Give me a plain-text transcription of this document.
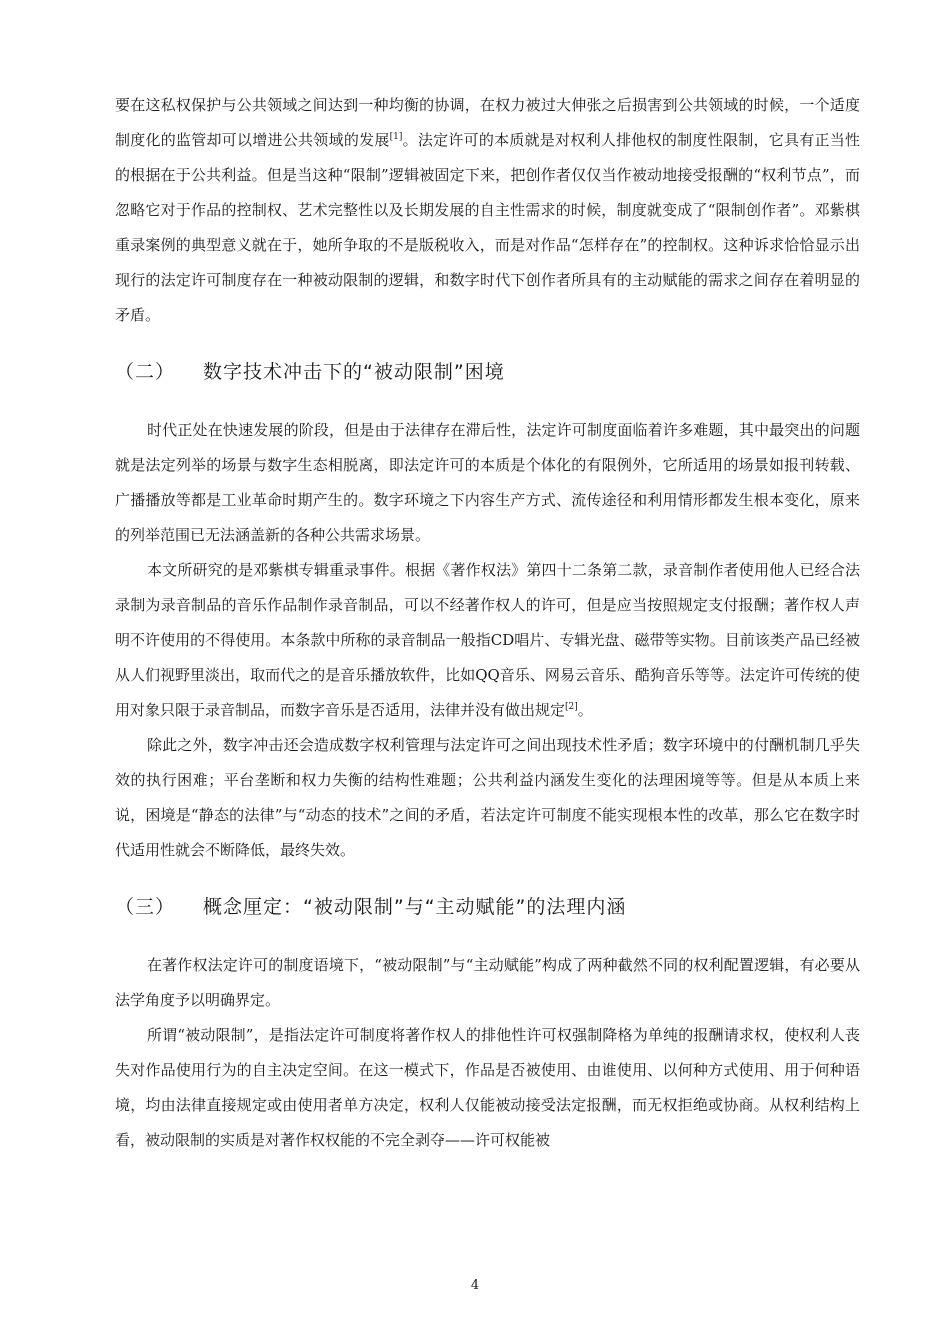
要在这私权保护与公共领域之间达到一种均衡的协调，在权力被过大伸张之后损害到公共领域的时候，一个适度制度化的监管却可以增进公共领域的发展[1]。法定许可的本质就是对权利人排他权的制度性限制，它具有正当性的根据在于公共利益。但是当这种“限制”逻辑被固定下来，把创作者仅仅当作被动地接受报酬的“权利节点”，而忽略它对于作品的控制权、艺术完整性以及长期发展的自主性需求的时候，制度就变成了“限制创作者”。邓紫棋重录案例的典型意义就在于，她所争取的不是版税收入，而是对作品“怎样存在”的控制权。这种诉求恰恰显示出现行的法定许可制度存在一种被动限制的逻辑，和数字时代下创作者所具有的主动赋能的需求之间存在着明显的矛盾。

（二） 数字技术冲击下的“被动限制”困境

时代正处在快速发展的阶段，但是由于法律存在滞后性，法定许可制度面临着许多难题，其中最突出的问题就是法定列举的场景与数字生态相脱离，即法定许可的本质是个体化的有限例外，它所适用的场景如报刊转载、广播播放等都是工业革命时期产生的。数字环境之下内容生产方式、流传途径和利用情形都发生根本变化，原来的列举范围已无法涵盖新的各种公共需求场景。

本文所研究的是邓紫棋专辑重录事件。根据《著作权法》第四十二条第二款，录音制作者使用他人已经合法录制为录音制品的音乐作品制作录音制品，可以不经著作权人的许可，但是应当按照规定支付报酬；著作权人声明不许使用的不得使用。本条款中所称的录音制品一般指CD唱片、专辑光盘、磁带等实物。目前该类产品已经被从人们视野里淡出，取而代之的是音乐播放软件，比如QQ音乐、网易云音乐、酷狗音乐等等。法定许可传统的使用对象只限于录音制品，而数字音乐是否适用，法律并没有做出规定[2]。

除此之外，数字冲击还会造成数字权利管理与法定许可之间出现技术性矛盾；数字环境中的付酬机制几乎失效的执行困难；平台垄断和权力失衡的结构性难题；公共利益内涵发生变化的法理困境等等。但是从本质上来说，困境是“静态的法律”与“动态的技术”之间的矛盾，若法定许可制度不能实现根本性的改革，那么它在数字时代适用性就会不断降低，最终失效。

（三） 概念厘定：“被动限制”与“主动赋能”的法理内涵

在著作权法定许可的制度语境下，“被动限制”与“主动赋能”构成了两种截然不同的权利配置逻辑，有必要从法学角度予以明确界定。

所谓“被动限制”，是指法定许可制度将著作权人的排他性许可权强制降格为单纯的报酬请求权，使权利人丧失对作品使用行为的自主决定空间。在这一模式下，作品是否被使用、由谁使用、以何种方式使用、用于何种语境，均由法律直接规定或由使用者单方决定，权利人仅能被动接受法定报酬，而无权拒绝或协商。从权利结构上看，被动限制的实质是对著作权权能的不完全剥夺——许可权能被

4
